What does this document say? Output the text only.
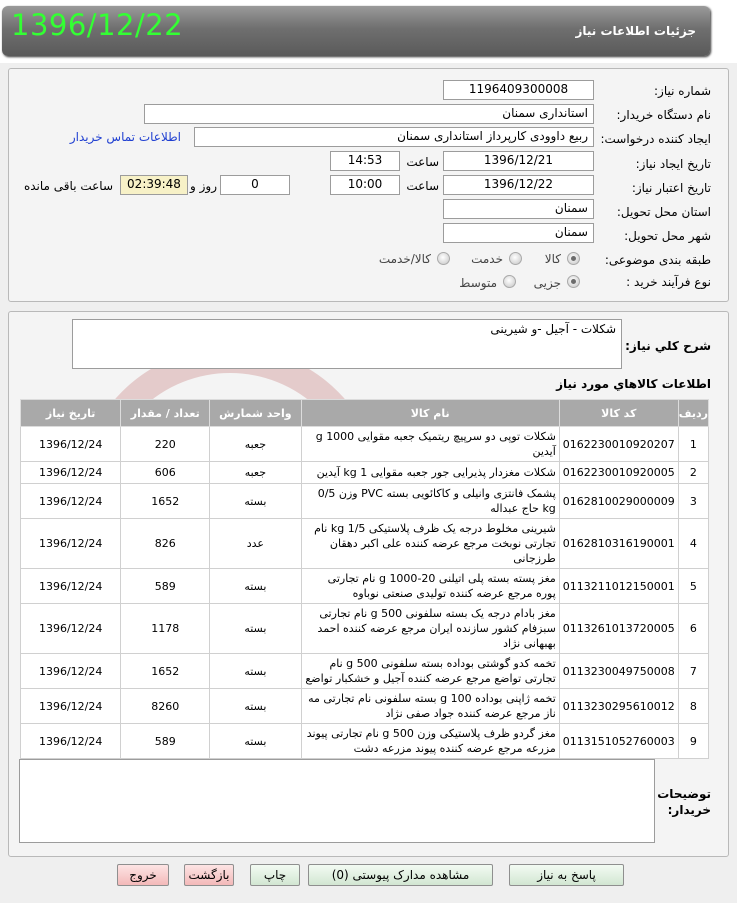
1396/12/22	جزئیات اطلاعات نیاز
شماره نیاز:
1196409300008
نام دستگاه خریدار:
استانداری سمنان
ایجاد کننده درخواست:
ربیع داوودی کارپرداز استانداری سمنان
اطلاعات تماس خریدار
تاریخ ایجاد نیاز:
1396/12/21
ساعت
14:53
تاریخ اعتبار نیاز:
1396/12/22
ساعت
10:00
0
روز و
02:39:48
ساعت باقی مانده
استان محل تحویل:
سمنان
شهر محل تحویل:
سمنان
طبقه بندی موضوعی:
کالا
خدمت
کالا/خدمت
نوع فرآیند خرید :
جزیی
متوسط
شرح کلي نياز:
شکلات - آجیل -و شیرینی
اطلاعات کالاهاي مورد نياز
ردیف	کد کالا	نام کالا	واحد شمارش	تعداد / مقدار	تاریخ نیاز
1	0162230010920207	شکلات توپی دو سرپیچ ریتمیک جعبه مقوایی 1000 g آیدین	جعبه	220	1396/12/24
2	0162230010920005	شکلات مغزدار پذیرایی جور جعبه مقوایی 1 kg آیدین	جعبه	606	1396/12/24
3	0162810029000009	پشمک فانتزی وانیلی و کاکائویی بسته PVC وزن 0/5 kg حاج عبداله	بسته	1652	1396/12/24
4	0162810316190001	شیرینی مخلوط درجه یک ظرف پلاستیکی 1/5 kg نام تجارتی نوبخت مرجع عرضه کننده علی اکبر دهقان طرزجانی	عدد	826	1396/12/24
5	0113211012150001	مغز پسته بسته پلی اتیلنی 20-1000 g نام تجارتی پوره مرجع عرضه کننده تولیدی صنعتی نوباوه	بسته	589	1396/12/24
6	0113261013720005	مغز بادام درجه یک بسته سلفونی 500 g نام تجارتی سبزفام کشور سازنده ایران مرجع عرضه کننده احمد بهبهانی نژاد	بسته	1178	1396/12/24
7	0113230049750008	تخمه کدو گوشتی بوداده بسته سلفونی 500 g نام تجارتی تواضع مرجع عرضه کننده آجیل و خشکبار تواضع	بسته	1652	1396/12/24
8	0113230295610012	تخمه ژاپنی بوداده 100 g بسته سلفونی نام تجارتی مه ناز مرجع عرضه کننده جواد صفی نژاد	بسته	8260	1396/12/24
9	0113151052760003	مغز گردو ظرف پلاستیکی وزن 500 g نام تجارتی پیوند مزرعه مرجع عرضه کننده پیوند مزرعه دشت	بسته	589	1396/12/24
توضیحات
خریدار:
پاسخ به نیاز
مشاهده مدارک پیوستی (0)
چاپ
بازگشت
خروج
